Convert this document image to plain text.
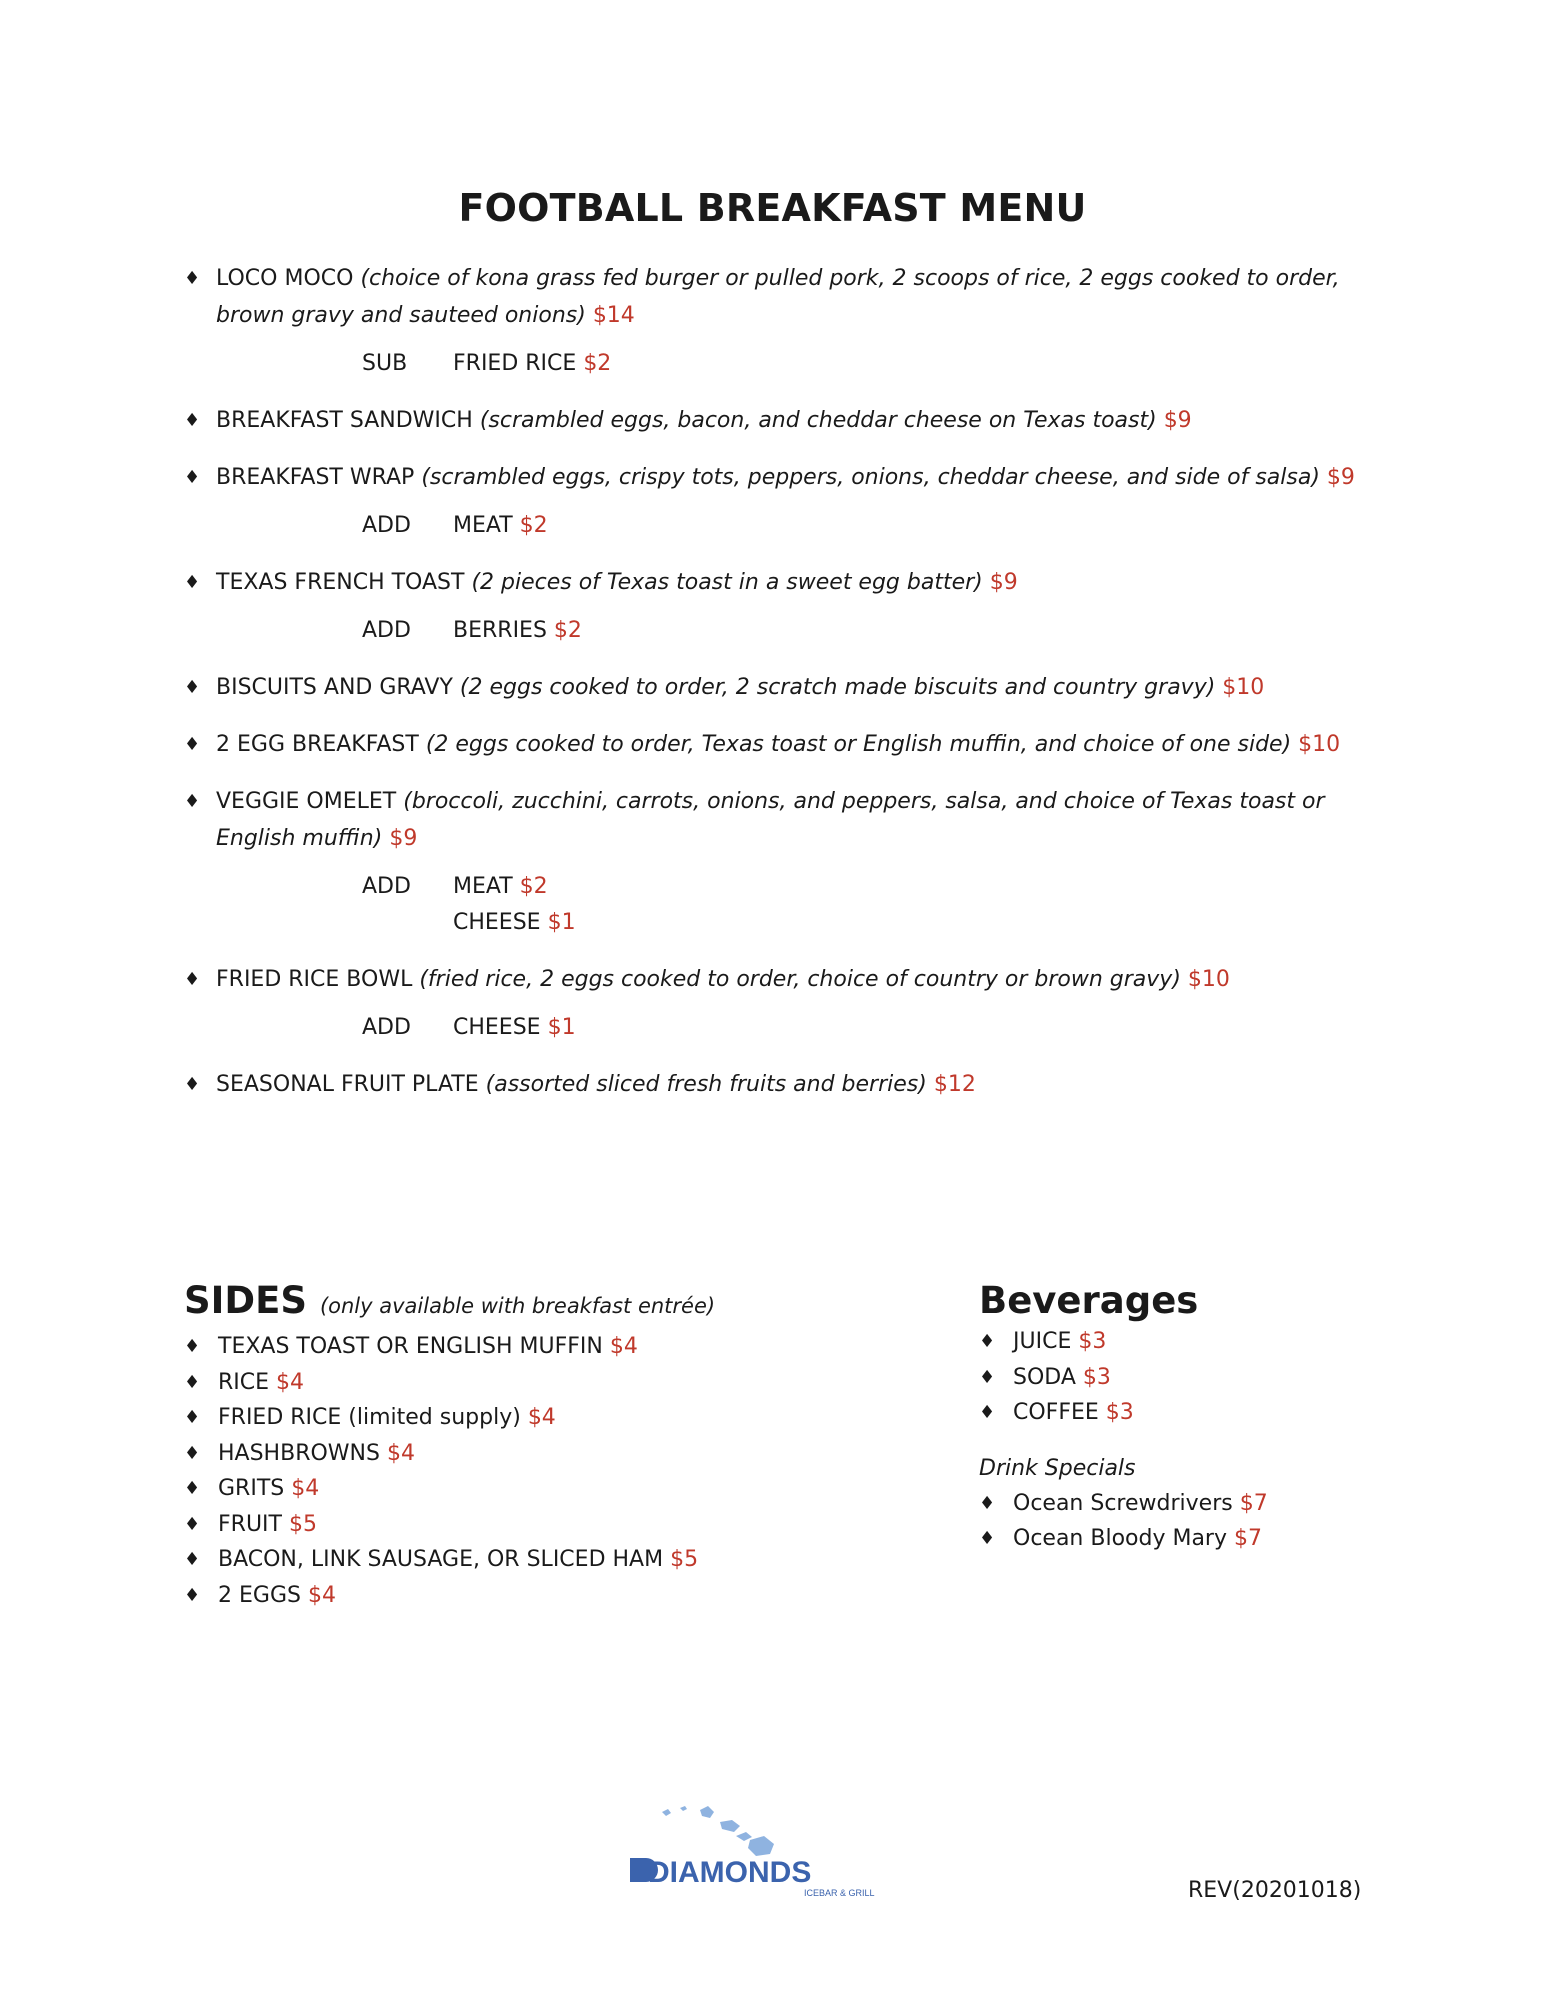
FOOTBALL BREAKFAST MENU
♦ LOCO MOCO (choice of kona grass fed burger or pulled pork, 2 scoops of rice, 2 eggs cooked to order, brown gravy and sauteed onions) $14
SUB FRIED RICE $2
♦ BREAKFAST SANDWICH (scrambled eggs, bacon, and cheddar cheese on Texas toast) $9
♦ BREAKFAST WRAP (scrambled eggs, crispy tots, peppers, onions, cheddar cheese, and side of salsa) $9
ADD MEAT $2
♦ TEXAS FRENCH TOAST (2 pieces of Texas toast in a sweet egg batter) $9
ADD BERRIES $2
♦ BISCUITS AND GRAVY (2 eggs cooked to order, 2 scratch made biscuits and country gravy) $10
♦ 2 EGG BREAKFAST (2 eggs cooked to order, Texas toast or English muffin, and choice of one side) $10
♦ VEGGIE OMELET (broccoli, zucchini, carrots, onions, and peppers, salsa, and choice of Texas toast or English muffin) $9
ADD MEAT $2
CHEESE $1
♦ FRIED RICE BOWL (fried rice, 2 eggs cooked to order, choice of country or brown gravy) $10
ADD CHEESE $1
♦ SEASONAL FRUIT PLATE (assorted sliced fresh fruits and berries) $12
SIDES (only available with breakfast entrée)
♦ TEXAS TOAST OR ENGLISH MUFFIN $4
♦ RICE $4
♦ FRIED RICE (limited supply) $4
♦ HASHBROWNS $4
♦ GRITS $4
♦ FRUIT $5
♦ BACON, LINK SAUSAGE, OR SLICED HAM $5
♦ 2 EGGS $4
Beverages
♦ JUICE $3
♦ SODA $3
♦ COFFEE $3
Drink Specials
♦ Ocean Screwdrivers $7
♦ Ocean Bloody Mary $7
DIAMONDS
ICEBAR & GRILL	REV(20201018)
